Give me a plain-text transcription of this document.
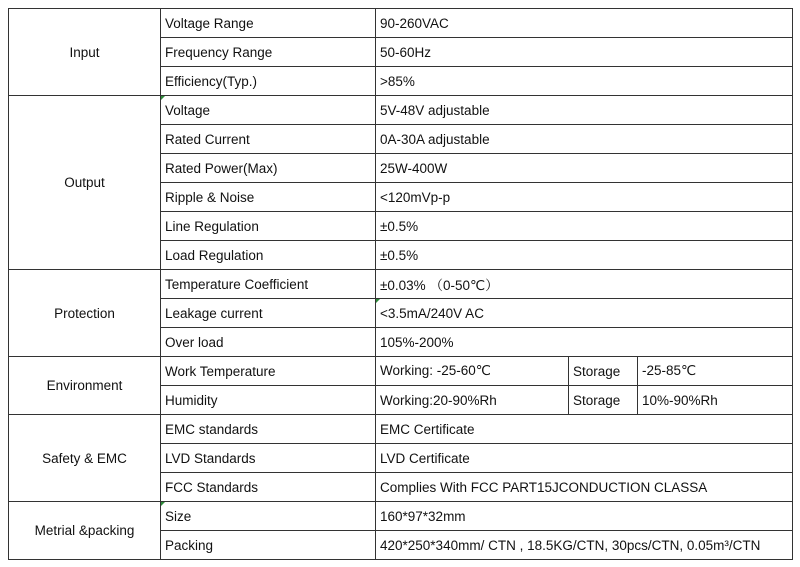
Input	Voltage Range	90-260VAC		
	Frequency Range	50-60Hz		
	Efficiency(Typ.)	>85%		
Output	Voltage	5V-48V adjustable		
	Rated Current	0A-30A adjustable		
	Rated Power(Max)	25W-400W		
	Ripple & Noise	<120mVp-p		
	Line Regulation	±0.5%		
	Load Regulation	±0.5%		
Protection	Temperature Coefficient	±0.03% （0-50℃）		
	Leakage current	<3.5mA/240V AC		
	Over load	105%-200%		
Environment	Work Temperature	Working: -25-60℃	Storage	-25-85℃
	Humidity	Working:20-90%Rh	Storage	10%-90%Rh
Safety & EMC	EMC standards	EMC Certificate		
	LVD Standards	LVD Certificate		
	FCC Standards	Complies With FCC PART15JCONDUCTION CLASSA		
Metrial &packing	Size	160*97*32mm		
	Packing	420*250*340mm/ CTN , 18.5KG/CTN, 30pcs/CTN, 0.05m³/CTN		
